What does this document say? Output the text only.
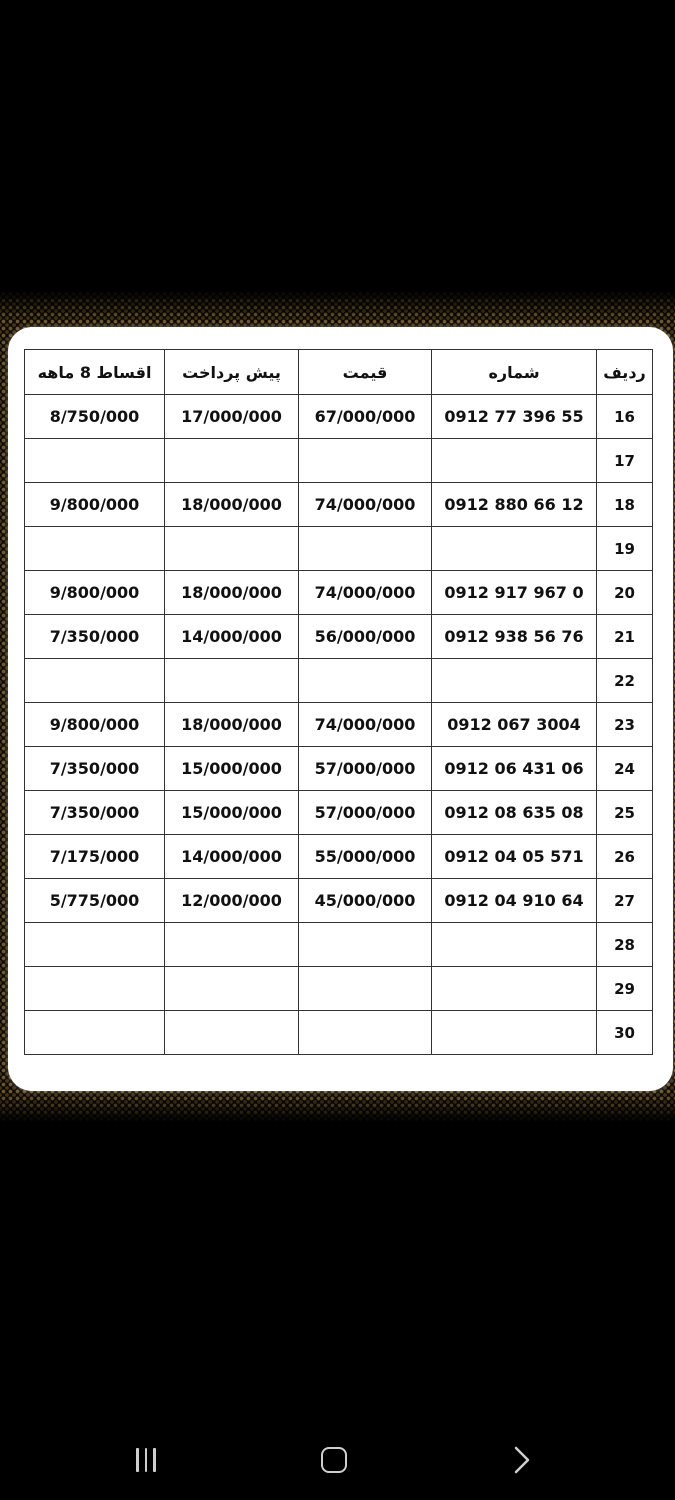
ردیف	شماره	قیمت	پیش پرداخت	اقساط 8 ماهه
16	0912 77 396 55	67/000/000	17/000/000	8/750/000
17				
18	0912 880 66 12	74/000/000	18/000/000	9/800/000
19				
20	0912 917 967 0	74/000/000	18/000/000	9/800/000
21	0912 938 56 76	56/000/000	14/000/000	7/350/000
22				
23	0912 067 3004	74/000/000	18/000/000	9/800/000
24	0912 06 431 06	57/000/000	15/000/000	7/350/000
25	0912 08 635 08	57/000/000	15/000/000	7/350/000
26	0912 04 05 571	55/000/000	14/000/000	7/175/000
27	0912 04 910 64	45/000/000	12/000/000	5/775/000
28				
29				
30				
